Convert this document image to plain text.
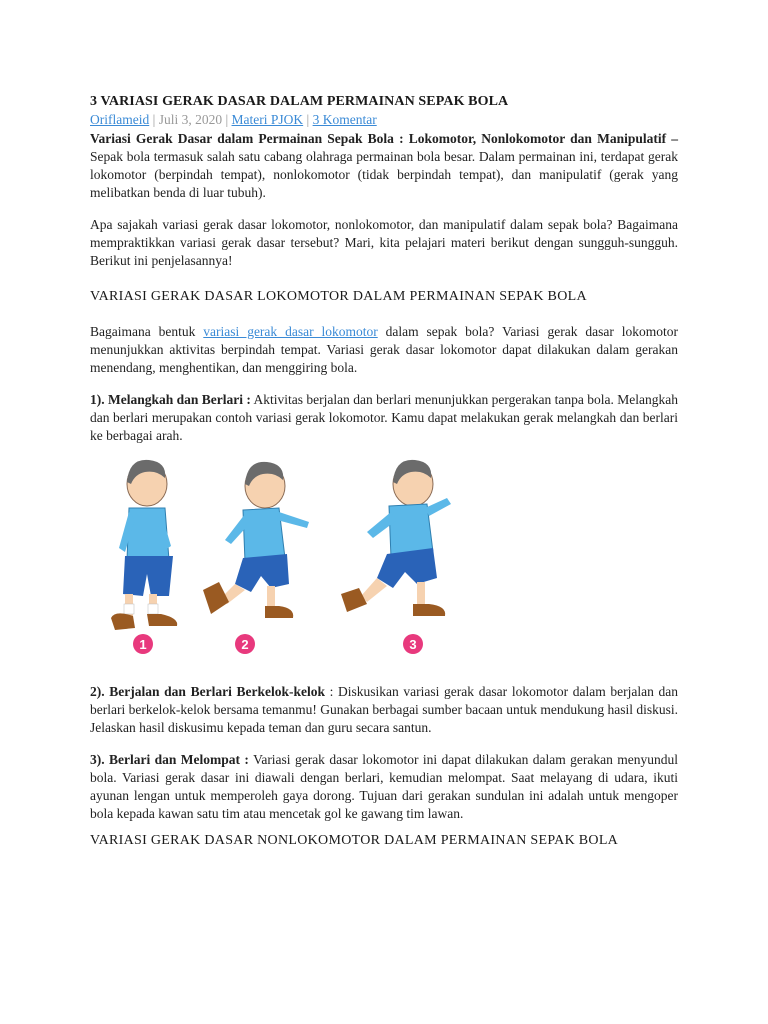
3 VARIASI GERAK DASAR DALAM PERMAINAN SEPAK BOLA
Oriflameid | Juli 3, 2020 | Materi PJOK | 3 Komentar

Variasi Gerak Dasar dalam Permainan Sepak Bola : Lokomotor, Nonlokomotor dan Manipulatif – Sepak bola termasuk salah satu cabang olahraga permainan bola besar. Dalam permainan ini, terdapat gerak lokomotor (berpindah tempat), nonlokomotor (tidak berpindah tempat), dan manipulatif (gerak yang melibatkan benda di luar tubuh).

Apa sajakah variasi gerak dasar lokomotor, nonlokomotor, dan manipulatif dalam sepak bola? Bagaimana mempraktikkan variasi gerak dasar tersebut? Mari, kita pelajari materi berikut dengan sungguh-sungguh. Berikut ini penjelasannya!

VARIASI GERAK DASAR LOKOMOTOR DALAM PERMAINAN SEPAK BOLA

Bagaimana bentuk variasi gerak dasar lokomotor dalam sepak bola? Variasi gerak dasar lokomotor menunjukkan aktivitas berpindah tempat. Variasi gerak dasar lokomotor dapat dilakukan dalam gerakan menendang, menghentikan, dan menggiring bola.

1). Melangkah dan Berlari : Aktivitas berjalan dan berlari menunjukkan pergerakan tanpa bola. Melangkah dan berlari merupakan contoh variasi gerak lokomotor. Kamu dapat melakukan gerak melangkah dan berlari ke berbagai arah.

2). Berjalan dan Berlari Berkelok-kelok : Diskusikan variasi gerak dasar lokomotor dalam berjalan dan berlari berkelok-kelok bersama temanmu! Gunakan berbagai sumber bacaan untuk mendukung hasil diskusi. Jelaskan hasil diskusimu kepada teman dan guru secara santun.

3). Berlari dan Melompat : Variasi gerak dasar lokomotor ini dapat dilakukan dalam gerakan menyundul bola. Variasi gerak dasar ini diawali dengan berlari, kemudian melompat. Saat melayang di udara, ikuti ayunan lengan untuk memperoleh gaya dorong. Tujuan dari gerakan sundulan ini adalah untuk mengoper bola kepada kawan satu tim atau mencetak gol ke gawang tim lawan.

VARIASI GERAK DASAR NONLOKOMOTOR DALAM PERMAINAN SEPAK BOLA
1	2	3
